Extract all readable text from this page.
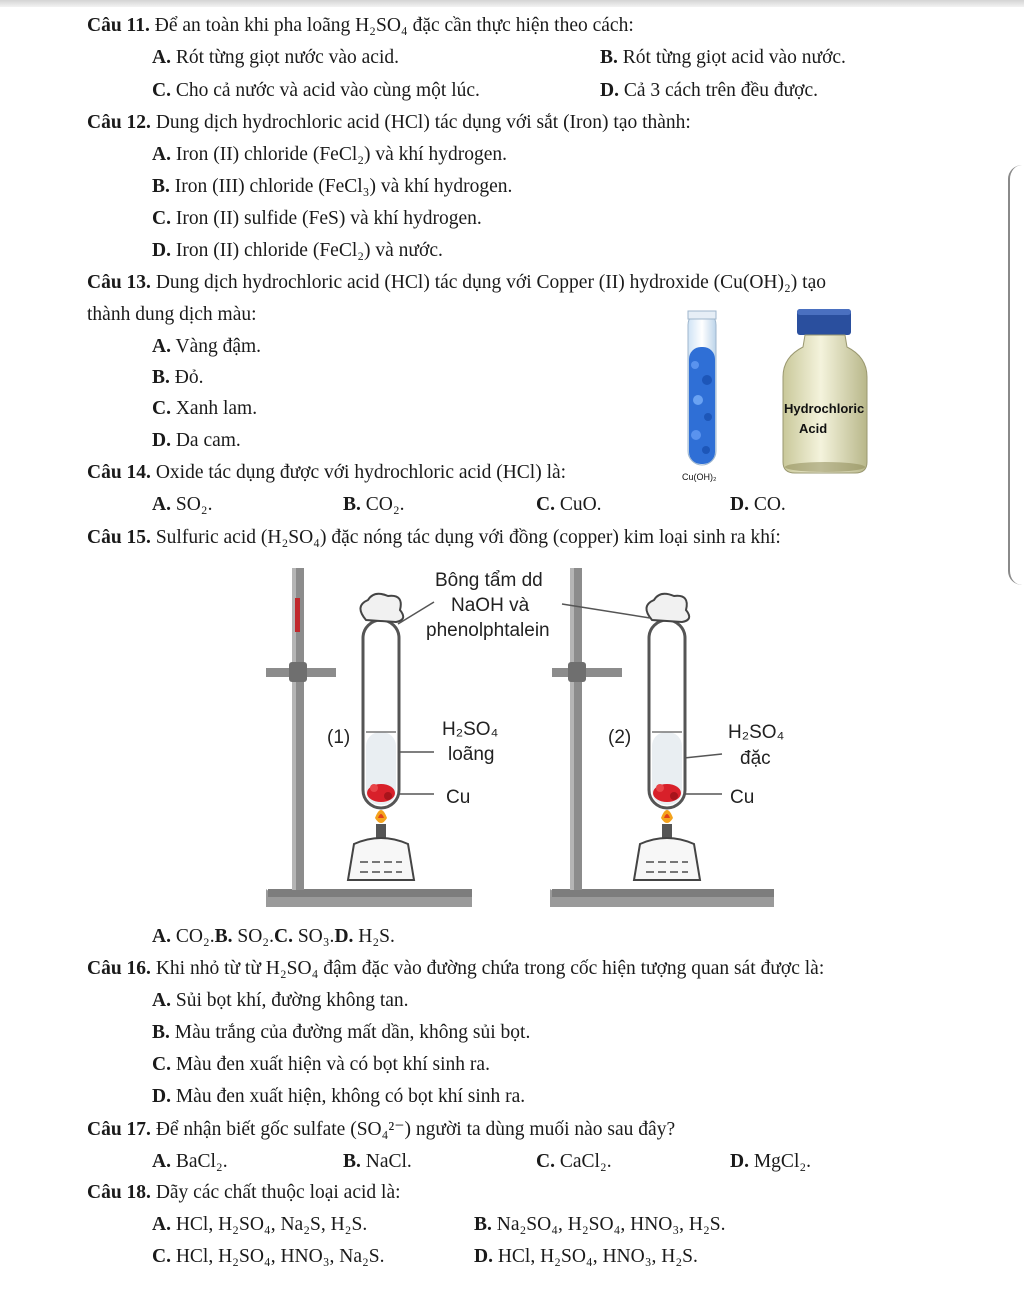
Câu 11. Để an toàn khi pha loãng H₂SO₄ đặc cần thực hiện theo cách:
A. Rót từng giọt nước vào acid.	B. Rót từng giọt acid vào nước.
C. Cho cả nước và acid vào cùng một lúc.	D. Cả 3 cách trên đều được.
Câu 12. Dung dịch hydrochloric acid (HCl) tác dụng với sắt (Iron) tạo thành:
A. Iron (II) chloride (FeCl₂) và khí hydrogen.
B. Iron (III) chloride (FeCl₃) và khí hydrogen.
C. Iron (II) sulfide (FeS) và khí hydrogen.
D. Iron (II) chloride (FeCl₂) và nước.
Câu 13. Dung dịch hydrochloric acid (HCl) tác dụng với Copper (II) hydroxide (Cu(OH)₂) tạo
thành dung dịch màu:
A. Vàng đậm.
B. Đỏ.
C. Xanh lam.
D. Da cam.
Cu(OH)₂
Hydrochloric
Acid
Câu 14. Oxide tác dụng được với hydrochloric acid (HCl) là:
A. SO₂.	B. CO₂.	C. CuO.	D. CO.
Câu 15. Sulfuric acid (H₂SO₄) đặc nóng tác dụng với đồng (copper) kim loại sinh ra khí:
Bông tẩm dd
NaOH và
phenolphtalein
(1)	(2)
H₂SO₄
loãng
H₂SO₄
đặc
Cu	Cu
A. CO₂.B. SO₂.C. SO₃.D. H₂S.
Câu 16. Khi nhỏ từ từ H₂SO₄ đậm đặc vào đường chứa trong cốc hiện tượng quan sát được là:
A. Sủi bọt khí, đường không tan.
B. Màu trắng của đường mất dần, không sủi bọt.
C. Màu đen xuất hiện và có bọt khí sinh ra.
D. Màu đen xuất hiện, không có bọt khí sinh ra.
Câu 17. Để nhận biết gốc sulfate (SO₄²⁻) người ta dùng muối nào sau đây?
A. BaCl₂.	B. NaCl.	C. CaCl₂.	D. MgCl₂.
Câu 18. Dãy các chất thuộc loại acid là:
A. HCl, H₂SO₄, Na₂S, H₂S.	B. Na₂SO₄, H₂SO₄, HNO₃, H₂S.
C. HCl, H₂SO₄, HNO₃, Na₂S.	D. HCl, H₂SO₄, HNO₃, H₂S.
